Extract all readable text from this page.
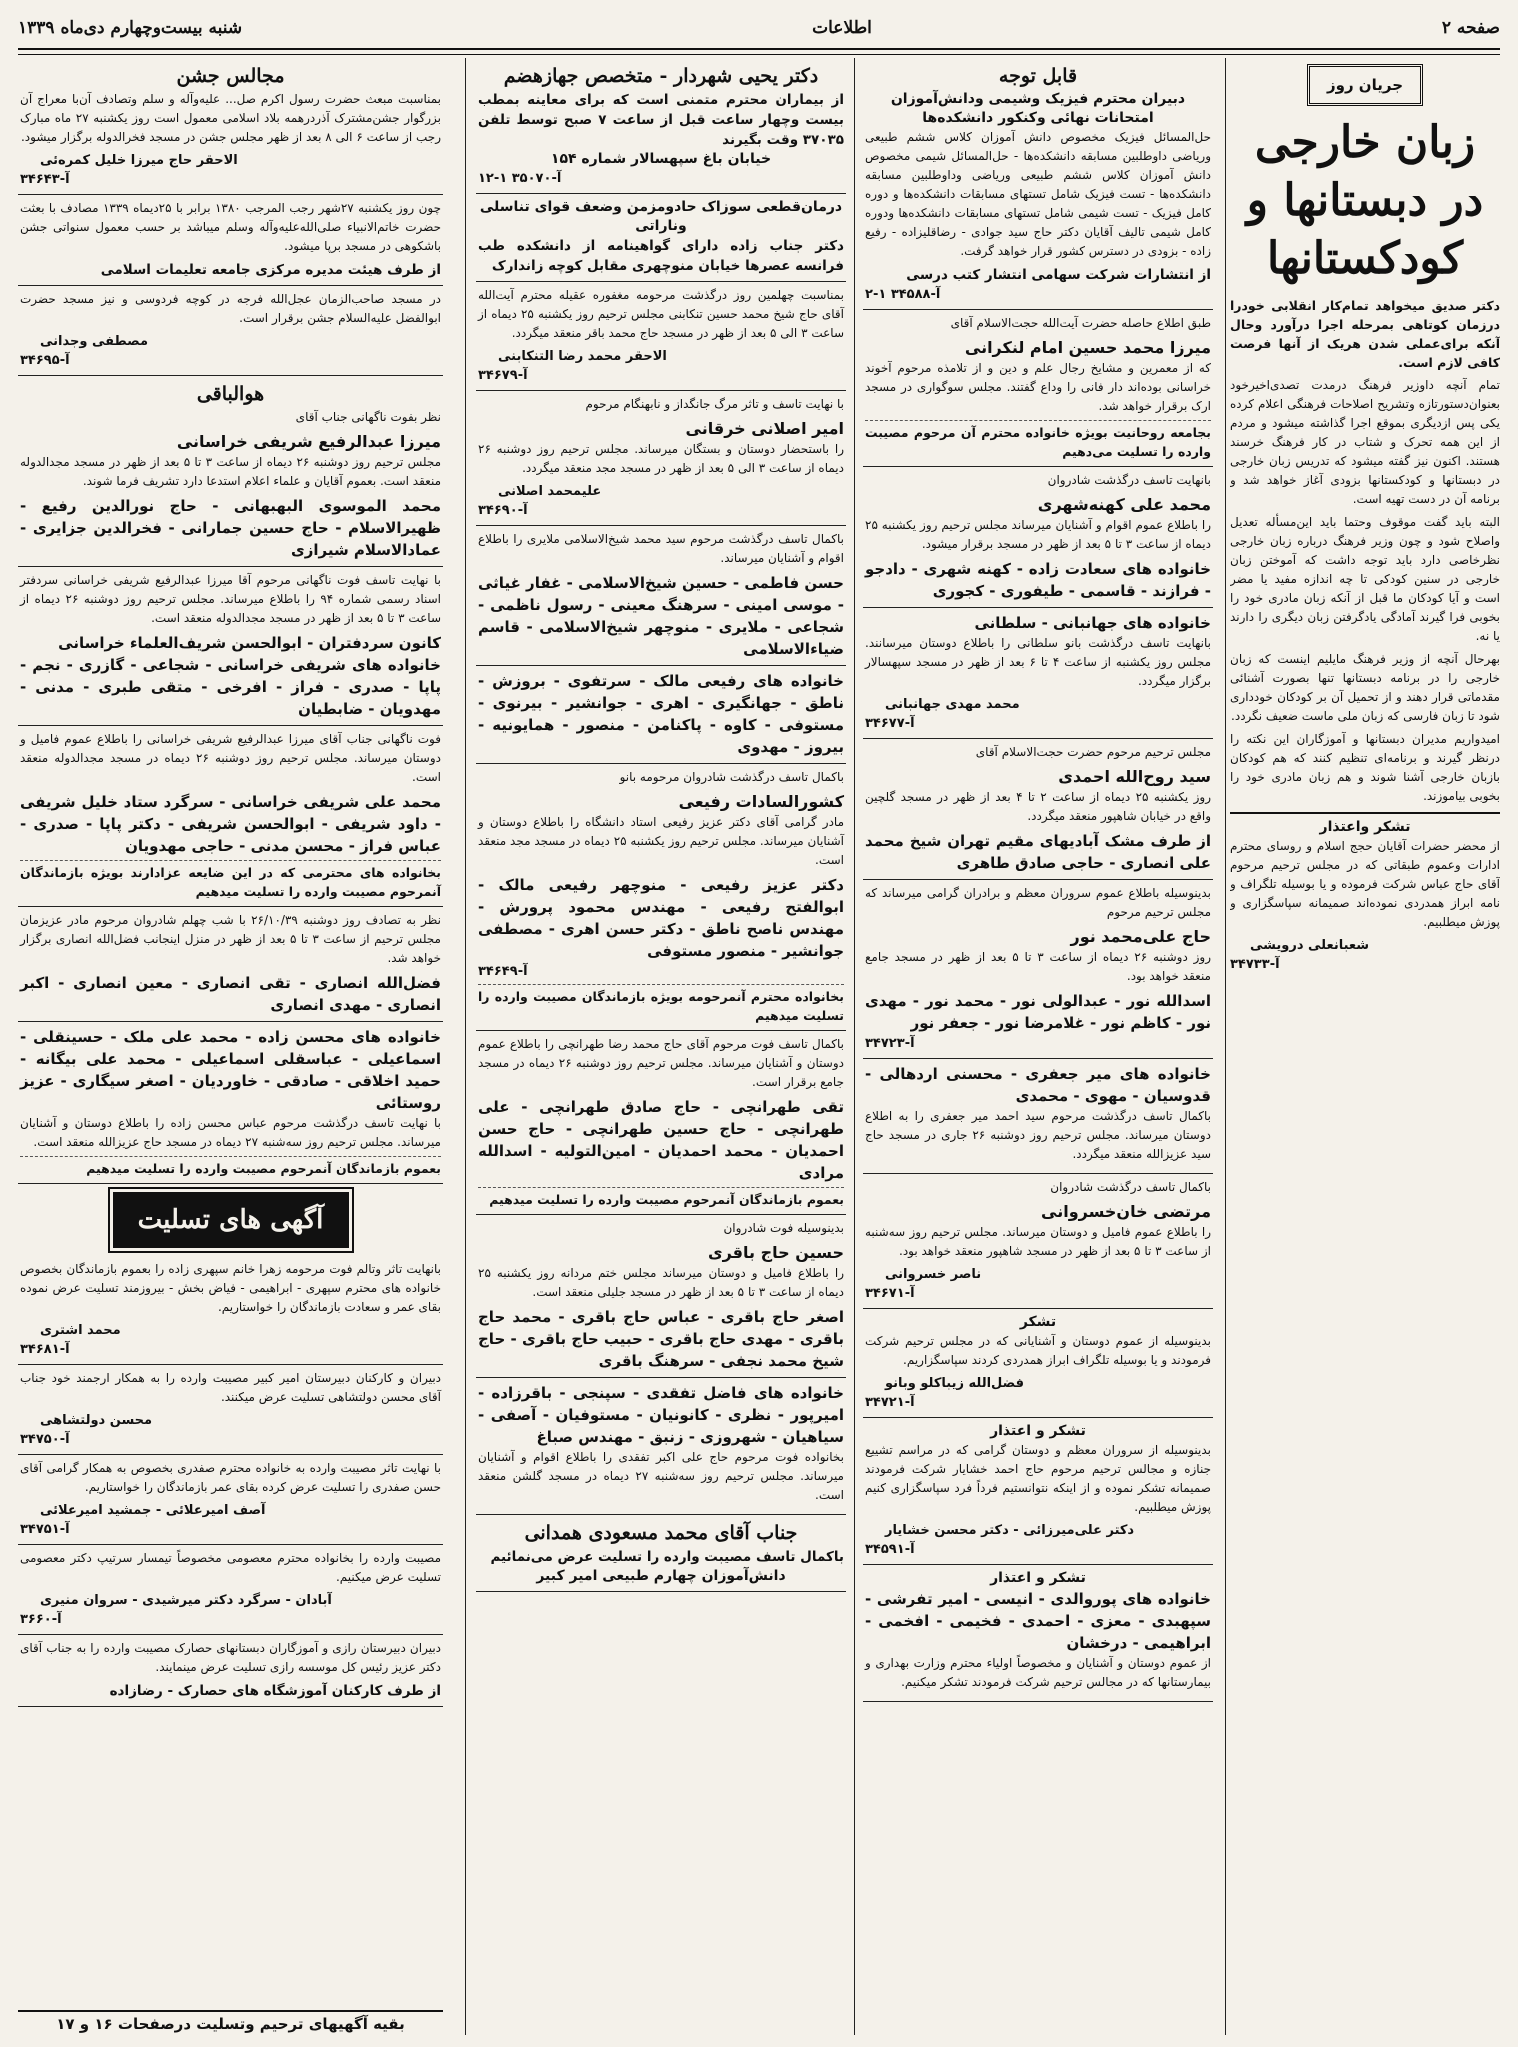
صفحه ۲
اطلاعات
شنبه بیست‌وچهارم دی‌ماه ۱۳۳۹
جریان روز
زبان خارجی در دبستانها و کودکستانها

دکتر صدیق میخواهد تمام‌کار انقلابی خودرا درزمان کوتاهی بمرحله اجرا درآورد وحال آنکه برای‌عملی شدن هریک از آنها فرصت کافی لازم است.

تمام آنچه داوزیر فرهنگ درمدت تصدی‌اخیرخود بعنوان‌دستورتازه وتشریح اصلاحات فرهنگی اعلام کرده یکی پس ازدیگری بموقع اجرا گذاشته میشود و مردم از این همه تحرک و شتاب در کار فرهنگ خرسند هستند. اکنون نیز گفته میشود که تدریس زبان خارجی در دبستانها و کودکستانها بزودی آغاز خواهد شد و برنامه آن در دست تهیه است.

البته باید گفت موقوف وحتما باید این‌مسأله تعدیل واصلاح شود و چون وزیر فرهنگ درباره زبان خارجی نظرخاصی دارد باید توجه داشت که آموختن زبان خارجی در سنین کودکی تا چه اندازه مفید یا مضر است و آیا کودکان ما قبل از آنکه زبان مادری خود را بخوبی فرا گیرند آمادگی یادگرفتن زبان دیگری را دارند یا نه.

بهرحال آنچه از وزیر فرهنگ مایلیم اینست که زبان خارجی را در برنامه دبستانها تنها بصورت آشنائی مقدماتی قرار دهند و از تحمیل آن بر کودکان خودداری شود تا زبان فارسی که زبان ملی ماست ضعیف نگردد.

امیدواریم مدیران دبستانها و آموزگاران این نکته را درنظر گیرند و برنامه‌ای تنظیم کنند که هم کودکان بازبان خارجی آشنا شوند و هم زبان مادری خود را بخوبی بیاموزند.

تشکر واعتذار

از محضر حضرات آقایان حجج اسلام و روسای محترم ادارات وعموم طبقاتی که در مجلس ترحیم مرحوم آقای حاج عباس شرکت فرموده و یا بوسیله تلگراف و نامه ابراز همدردی نموده‌اند صمیمانه سپاسگزاری و پوزش میطلبیم.

شعبانعلی درویشی
آ-۳۴۷۳۳
قابل توجه
دبیران محترم فیزیک وشیمی ودانش‌آموزان امتحانات نهائی وکنکور دانشکده‌ها

حل‌المسائل فیزیک مخصوص دانش آموزان کلاس ششم طبیعی وریاضی داوطلبین مسابقه دانشکده‌ها - حل‌المسائل شیمی مخصوص دانش آموزان کلاس ششم طبیعی وریاضی وداوطلبین مسابقه دانشکده‌ها - تست فیزیک شامل تستهای مسابقات دانشکده‌ها و دوره کامل فیزیک - تست شیمی شامل تستهای مسابقات دانشکده‌ها ودوره کامل شیمی تالیف آقایان دکتر حاج سید جوادی - رضاقلیزاده - رفیع زاده - بزودی در دسترس کشور قرار خواهد گرفت.

از انتشارات شرکت سهامی انتشار کتب درسی
آ-۳۴۵۸۸ ۱-۲

طبق اطلاع حاصله حضرت آیت‌الله حجت‌الاسلام آقای

میرزا محمد حسین امام لنکرانی

که از معمرین و مشایخ رجال علم و دین و از تلامذه مرحوم آخوند خراسانی بوده‌اند دار فانی را وداع گفتند. مجلس سوگواری در مسجد ارک برقرار خواهد شد.

بجامعه روحانیت بویژه خانواده محترم آن مرحوم مصیبت وارده را تسلیت می‌دهیم

بانهایت تاسف درگذشت شادروان

محمد علی کهنه‌شهری

را باطلاع عموم اقوام و آشنایان میرساند مجلس ترحیم روز یکشنبه ۲۵ دیماه از ساعت ۳ تا ۵ بعد از ظهر در مسجد برقرار میشود.

خانواده های سعادت زاده - کهنه شهری - دادجو - فرازند - قاسمی - طیفوری - کجوری
خانواده های جهانبانی - سلطانی

بانهایت تاسف درگذشت بانو سلطانی را باطلاع دوستان میرسانند. مجلس روز یکشنبه از ساعت ۴ تا ۶ بعد از ظهر در مسجد سپهسالار برگزار میگردد.

محمد مهدی جهانبانی
آ-۳۴۶۷۷

مجلس ترحیم مرحوم حضرت حجت‌الاسلام آقای

سید روح‌الله احمدی

روز یکشنبه ۲۵ دیماه از ساعت ۲ تا ۴ بعد از ظهر در مسجد گلچین واقع در خیابان شاهپور منعقد میگردد.

از طرف مشک آبادیهای مقیم تهران شیخ محمد علی انصاری - حاجی صادق طاهری

بدینوسیله باطلاع عموم سروران معظم و برادران گرامی میرساند که مجلس ترحیم مرحوم

حاج علی‌محمد نور

روز دوشنبه ۲۶ دیماه از ساعت ۳ تا ۵ بعد از ظهر در مسجد جامع منعقد خواهد بود.

اسدالله نور - عبدالولی نور - محمد نور - مهدی نور - کاظم نور - غلامرضا نور - جعفر نور
آ-۳۴۷۲۳
خانواده های میر جعفری - محسنی اردهالی - قدوسیان - مهوی - محمدی

باکمال تاسف درگذشت مرحوم سید احمد میر جعفری را به اطلاع دوستان میرساند. مجلس ترحیم روز دوشنبه ۲۶ جاری در مسجد حاج سید عزیزالله منعقد میگردد.

باکمال تاسف درگذشت شادروان

مرتضی خان‌خسروانی

را باطلاع عموم فامیل و دوستان میرساند. مجلس ترحیم روز سه‌شنبه از ساعت ۳ تا ۵ بعد از ظهر در مسجد شاهپور منعقد خواهد بود.

ناصر خسروانی
آ-۳۴۶۷۱
تشکر

بدینوسیله از عموم دوستان و آشنایانی که در مجلس ترحیم شرکت فرمودند و یا بوسیله تلگراف ابراز همدردی کردند سپاسگزاریم.

فضل‌الله زیباکلو وبانو
آ-۳۴۷۲۱
تشکر و اعتذار

بدینوسیله از سروران معظم و دوستان گرامی که در مراسم تشییع جنازه و مجالس ترحیم مرحوم حاج احمد خشایار شرکت فرمودند صمیمانه تشکر نموده و از اینکه نتوانستیم فرداً فرد سپاسگزاری کنیم پوزش میطلبیم.

دکتر علی‌میرزائی - دکتر محسن خشایار
آ-۳۴۵۹۱
تشکر و اعتذار
خانواده های پوروالدی - انیسی - امیر تفرشی - سپهبدی - معزی - احمدی - فخیمی - افخمی - ابراهیمی - درخشان

از عموم دوستان و آشنایان و مخصوصاً اولیاء محترم وزارت بهداری و بیمارستانها که در مجالس ترحیم شرکت فرمودند تشکر میکنیم.

دکتر یحیی شهردار - متخصص جهازهضم
از بیماران محترم متمنی است که برای معاینه بمطب بیست وچهار ساعت قبل از ساعت ۷ صبح توسط تلفن ۳۷۰۳۵ وقت بگیرند
خیابان باغ سپهسالار شماره ۱۵۴
آ-۳۵۰۷۰ ۱-۱۲
درمان‌قطعی سوزاک حادومزمن وضعف قوای تناسلی وناراتی
دکتر جناب زاده دارای گواهینامه از دانشکده طب فرانسه عصرها خیابان منوچهری مقابل کوچه زاندارک

بمناسبت چهلمین روز درگذشت مرحومه مغفوره عقیله محترم آیت‌الله آقای حاج شیخ محمد حسین تنکابنی مجلس ترحیم روز یکشنبه ۲۵ دیماه از ساعت ۳ الی ۵ بعد از ظهر در مسجد حاج محمد باقر منعقد میگردد.

الاحقر محمد رضا التنکابنی
آ-۳۴۶۷۹

با نهایت تاسف و تاثر مرگ جانگداز و نابهنگام مرحوم

امیر اصلانی خرقانی

را باستحضار دوستان و بستگان میرساند. مجلس ترحیم روز دوشنبه ۲۶ دیماه از ساعت ۳ الی ۵ بعد از ظهر در مسجد مجد منعقد میگردد.

علیمحمد اصلانی
آ-۳۴۶۹۰

باکمال تاسف درگذشت مرحوم سید محمد شیخ‌الاسلامی ملایری را باطلاع اقوام و آشنایان میرساند.

حسن فاطمی - حسین شیخ‌الاسلامی - غفار غیاثی - موسی امینی - سرهنگ معینی - رسول ناظمی - شجاعی - ملایری - منوچهر شیخ‌الاسلامی - قاسم ضیاءالاسلامی
خانواده های رفیعی مالک - سرتفوی - بروزش - ناطق - جهانگیری - اهری - جوانشیر - بیرنوی - مستوفی - کاوه - پاکنامن - منصور - همایونیه - بیروز - مهدوی

باکمال تاسف درگذشت شادروان مرحومه بانو

کشورالسادات رفیعی

مادر گرامی آقای دکتر عزیز رفیعی استاد دانشگاه را باطلاع دوستان و آشنایان میرساند. مجلس ترحیم روز یکشنبه ۲۵ دیماه در مسجد مجد منعقد است.

دکتر عزیز رفیعی - منوچهر رفیعی مالک - ابوالفتح رفیعی - مهندس محمود پرورش - مهندس ناصح ناطق - دکتر حسن اهری - مصطفی جوانشیر - منصور مستوفی
آ-۳۴۶۴۹
بخانواده محترم آنمرحومه بویژه بازماندگان مصیبت وارده را تسلیت میدهیم

باکمال تاسف فوت مرحوم آقای حاج محمد رضا طهرانچی را باطلاع عموم دوستان و آشنایان میرساند. مجلس ترحیم روز دوشنبه ۲۶ دیماه در مسجد جامع برقرار است.

تقی طهرانچی - حاج صادق طهرانچی - علی طهرانچی - حاج حسین طهرانچی - حاج حسن احمدیان - محمد احمدیان - امین‌التولیه - اسدالله مرادی
بعموم بازماندگان آنمرحوم مصیبت وارده را تسلیت میدهیم

بدینوسیله فوت شادروان

حسین حاج باقری

را باطلاع فامیل و دوستان میرساند مجلس ختم مردانه روز یکشنبه ۲۵ دیماه از ساعت ۳ تا ۵ بعد از ظهر در مسجد جلیلی منعقد است.

اصغر حاج باقری - عباس حاج باقری - محمد حاج باقری - مهدی حاج باقری - حبیب حاج باقری - حاج شیخ محمد نجفی - سرهنگ باقری
خانواده های فاضل تفقدی - سپنجی - باقرزاده - امیرپور - نظری - کانونیان - مستوفیان - آصفی - سیاهیان - شهروزی - زنبق - مهندس صباغ

بخانواده فوت مرحوم حاج علی اکبر تفقدی را باطلاع اقوام و آشنایان میرساند. مجلس ترحیم روز سه‌شنبه ۲۷ دیماه در مسجد گلشن منعقد است.

جناب آقای محمد مسعودی همدانی
باکمال تاسف مصیبت وارده را تسلیت عرض می‌نمائیم
دانش‌آموزان چهارم طبیعی امیر کبیر
مجالس جشن

بمناسبت مبعث حضرت رسول اکرم صل... علیه‌وآله و سلم وتصادف آن‌با معراج آن بزرگوار جشن‌مشترک آذردرهمه بلاد اسلامی معمول است روز یکشنبه ۲۷ ماه مبارک رجب از ساعت ۶ الی ۸ بعد از ظهر مجلس جشن در مسجد فخرالدوله برگزار میشود.

الاحقر حاج میرزا خلیل کمره‌ئی
آ-۳۴۶۴۳

چون روز یکشنبه ۲۷شهر رجب المرجب ۱۳۸۰ برابر با ۲۵دیماه ۱۳۳۹ مصادف با بعثت حضرت خاتم‌الانبیاء صلی‌الله‌علیه‌وآله وسلم میباشد بر حسب معمول سنواتی جشن باشکوهی در مسجد برپا میشود.

از طرف هیئت مدیره مرکزی جامعه تعلیمات اسلامی

در مسجد صاحب‌الزمان عجل‌الله فرجه در کوچه‌ فردوسی و نیز مسجد حضرت ابوالفضل علیه‌السلام جشن برقرار است.

مصطفی وجدانی
آ-۳۴۶۹۵
هوالباقی

نظر بفوت ناگهانی جناب آقای

میرزا عبدالرفیع شریفی خراسانی

مجلس ترحیم روز دوشنبه ۲۶ دیماه از ساعت ۳ تا ۵ بعد از ظهر در مسجد مجدالدوله منعقد است. بعموم آقایان و علماء اعلام استدعا دارد تشریف فرما شوند.

محمد الموسوی البهبهانی - حاج نورالدین رفیع - ظهیرالاسلام - حاج حسین جمارانی - فخرالدین جزایری - عمادالاسلام شیرازی

با نهایت تاسف فوت ناگهانی مرحوم آقا میرزا عبدالرفیع شریفی خراسانی سردفتر اسناد رسمی شماره ۹۴ را باطلاع میرساند. مجلس ترحیم روز دوشنبه ۲۶ دیماه از ساعت ۳ تا ۵ بعد از ظهر در مسجد مجدالدوله منعقد است.

کانون سردفتران - ابوالحسن شریف‌العلماء خراسانی
خانواده های شریفی خراسانی - شجاعی - گازری - نجم - پاپا - صدری - فراز - افرخی - متقی طبری - مدنی - مهدویان - ضابطیان

فوت ناگهانی جناب آقای میرزا عبدالرفیع شریفی خراسانی را باطلاع عموم فامیل و دوستان میرساند. مجلس ترحیم روز دوشنبه ۲۶ دیماه در مسجد مجدالدوله منعقد است.

محمد علی شریفی خراسانی - سرگرد ستاد خلیل شریفی - داود شریفی - ابوالحسن شریفی - دکتر پاپا - صدری - عباس فراز - محسن مدنی - حاجی مهدویان
بخانواده های محترمی که در این ضایعه عزادارند بویژه بازماندگان آنمرحوم مصیبت وارده را تسلیت میدهیم

نظر به تصادف روز دوشنبه ۲۶/۱۰/۳۹ با شب چهلم شادروان مرحوم مادر عزیزمان مجلس ترحیم از ساعت ۳ تا ۵ بعد از ظهر در منزل اینجانب فضل‌الله انصاری برگزار خواهد شد.

فضل‌الله انصاری - تقی انصاری - معین انصاری - اکبر انصاری - مهدی انصاری
خانواده های محسن زاده - محمد علی ملک - حسینقلی - اسماعیلی - عباسقلی اسماعیلی - محمد علی بیگانه - حمید اخلاقی - صادقی - خاوردیان - اصغر سیگاری - عزیز روستائی

با نهایت تاسف درگذشت مرحوم عباس محسن زاده را باطلاع دوستان و آشنایان میرساند. مجلس ترحیم روز سه‌شنبه ۲۷ دیماه در مسجد حاج عزیزالله منعقد است.

بعموم بازماندگان آنمرحوم مصیبت وارده را تسلیت میدهیم
آگهی های تسلیت

بانهایت تاثر وتالم فوت مرحومه زهرا خانم سپهری زاده را بعموم بازماندگان بخصوص خانواده های محترم سپهری - ابراهیمی - فیاض بخش - بیروزمند تسلیت عرض نموده بقای عمر و سعادت بازماندگان را خواستاریم.

محمد اشتری
آ-۳۴۶۸۱

دبیران و کارکنان دبیرستان امیر کبیر مصیبت وارده را به همکار ارجمند خود جناب آقای محسن دولتشاهی تسلیت عرض میکنند.

محسن دولتشاهی
آ-۳۴۷۵۰

با نهایت تاثر مصیبت وارده به خانواده محترم صفدری بخصوص به همکار گرامی آقای حسن صفدری را تسلیت عرض کرده بقای عمر بازماندگان را خواستاریم.

آصف امیرعلائی - جمشید امیرعلائی
آ-۳۴۷۵۱

مصیبت وارده را بخانواده محترم معصومی مخصوصاً تیمسار سرتیپ دکتر معصومی تسلیت عرض میکنیم.

آبادان - سرگرد دکتر میرشیدی - سروان منیری
آ-۳۶۶۰

دبیران دبیرستان رازی و آموزگاران دبستانهای حصارک مصیبت وارده را به جناب آقای دکتر عزیز رئیس کل موسسه رازی تسلیت عرض مینمایند.

از طرف کارکنان آموزشگاه های حصارک - رضازاده
بقیه آگهیهای ترحیم وتسلیت درصفحات ۱۶ و ۱۷
